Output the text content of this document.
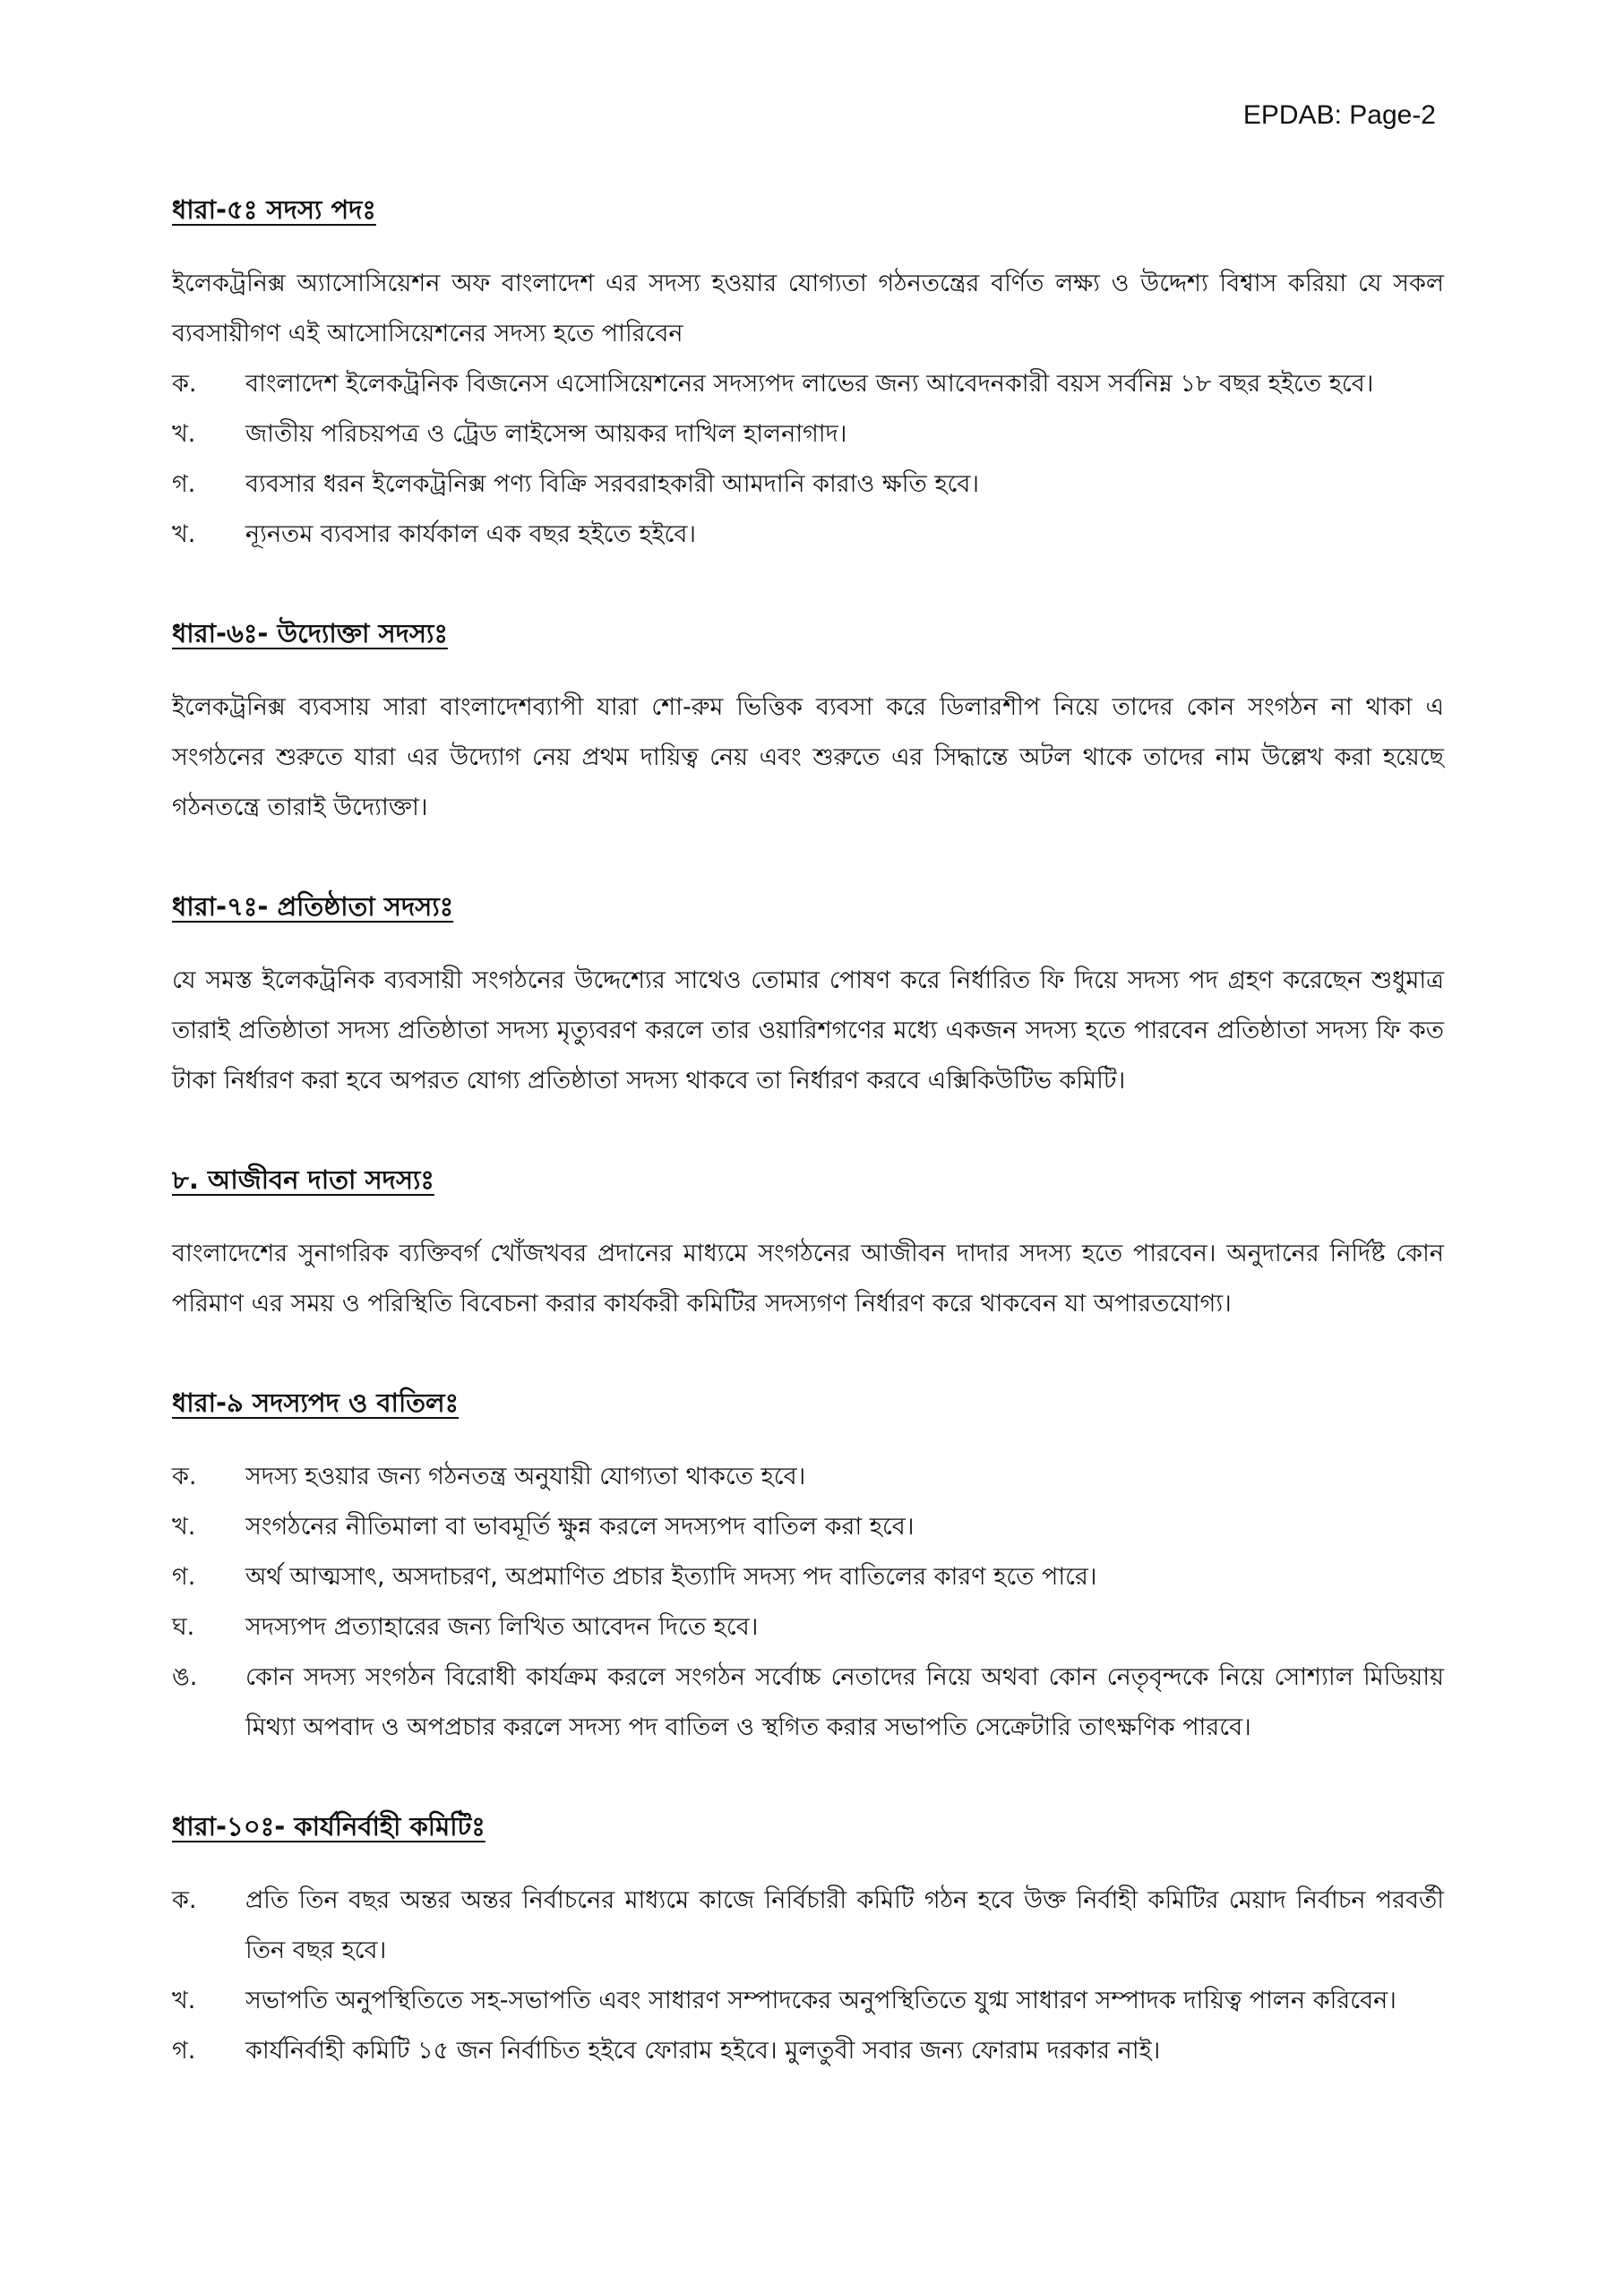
EPDAB: Page-2

ধারা-৫ঃ সদস্য পদঃ

ইলেকট্রনিক্স অ্যাসোসিয়েশন অফ বাংলাদেশ এর সদস্য হওয়ার যোগ্যতা গঠনতন্ত্রের বর্ণিত লক্ষ্য ও উদ্দেশ্য বিশ্বাস করিয়া যে সকল ব্যবসায়ীগণ এই আসোসিয়েশনের সদস্য হতে পারিবেন

ক.	বাংলাদেশ ইলেকট্রনিক বিজনেস এসোসিয়েশনের সদস্যপদ লাভের জন্য আবেদনকারী বয়স সর্বনিম্ন ১৮ বছর হইতে হবে।
খ.	জাতীয় পরিচয়পত্র ও ট্রেড লাইসেন্স আয়কর দাখিল হালনাগাদ।
গ.	ব্যবসার ধরন ইলেকট্রনিক্স পণ্য বিক্রি সরবরাহকারী আমদানি কারাও ক্ষতি হবে।
খ.	ন্যূনতম ব্যবসার কার্যকাল এক বছর হইতে হইবে।

ধারা-৬ঃ- উদ্যোক্তা সদস্যঃ

ইলেকট্রনিক্স ব্যবসায় সারা বাংলাদেশব্যাপী যারা শো-রুম ভিত্তিক ব্যবসা করে ডিলারশীপ নিয়ে তাদের কোন সংগঠন না থাকা এ সংগঠনের শুরুতে যারা এর উদ্যোগ নেয় প্রথম দায়িত্ব নেয় এবং শুরুতে এর সিদ্ধান্তে অটল থাকে তাদের নাম উল্লেখ করা হয়েছে গঠনতন্ত্রে তারাই উদ্যোক্তা।

ধারা-৭ঃ- প্রতিষ্ঠাতা সদস্যঃ

যে সমস্ত ইলেকট্রনিক ব্যবসায়ী সংগঠনের উদ্দেশ্যের সাথেও তোমার পোষণ করে নির্ধারিত ফি দিয়ে সদস্য পদ গ্রহণ করেছেন শুধুমাত্র তারাই প্রতিষ্ঠাতা সদস্য প্রতিষ্ঠাতা সদস্য মৃত্যুবরণ করলে তার ওয়ারিশগণের মধ্যে একজন সদস্য হতে পারবেন প্রতিষ্ঠাতা সদস্য ফি কত টাকা নির্ধারণ করা হবে অপরত যোগ্য প্রতিষ্ঠাতা সদস্য থাকবে তা নির্ধারণ করবে এক্সিকিউটিভ কমিটি।

৮. আজীবন দাতা সদস্যঃ

বাংলাদেশের সুনাগরিক ব্যক্তিবর্গ খোঁজখবর প্রদানের মাধ্যমে সংগঠনের আজীবন দাদার সদস্য হতে পারবেন। অনুদানের নির্দিষ্ট কোন পরিমাণ এর সময় ও পরিস্থিতি বিবেচনা করার কার্যকরী কমিটির সদস্যগণ নির্ধারণ করে থাকবেন যা অপারতযোগ্য।

ধারা-৯ সদস্যপদ ও বাতিলঃ

ক.	সদস্য হওয়ার জন্য গঠনতন্ত্র অনুযায়ী যোগ্যতা থাকতে হবে।
খ.	সংগঠনের নীতিমালা বা ভাবমূর্তি ক্ষুন্ন করলে সদস্যপদ বাতিল করা হবে।
গ.	অর্থ আত্মসাৎ, অসদাচরণ, অপ্রমাণিত প্রচার ইত্যাদি সদস্য পদ বাতিলের কারণ হতে পারে।
ঘ.	সদস্যপদ প্রত্যাহারের জন্য লিখিত আবেদন দিতে হবে।
ঙ.	কোন সদস্য সংগঠন বিরোধী কার্যক্রম করলে সংগঠন সর্বোচ্চ নেতাদের নিয়ে অথবা কোন নেতৃবৃন্দকে নিয়ে সোশ্যাল মিডিয়ায় মিথ্যা অপবাদ ও অপপ্রচার করলে সদস্য পদ বাতিল ও স্থগিত করার সভাপতি সেক্রেটারি তাৎক্ষণিক পারবে।

ধারা-১০ঃ- কার্যনির্বাহী কমিটিঃ

ক.	প্রতি তিন বছর অন্তর অন্তর নির্বাচনের মাধ্যমে কাজে নির্বিচারী কমিটি গঠন হবে উক্ত নির্বাহী কমিটির মেয়াদ নির্বাচন পরবর্তী তিন বছর হবে।
খ.	সভাপতি অনুপস্থিতিতে সহ-সভাপতি এবং সাধারণ সম্পাদকের অনুপস্থিতিতে যুগ্ম সাধারণ সম্পাদক দায়িত্ব পালন করিবেন।
গ.	কার্যনির্বাহী কমিটি ১৫ জন নির্বাচিত হইবে ফোরাম হইবে। মুলতুবী সবার জন্য ফোরাম দরকার নাই।
